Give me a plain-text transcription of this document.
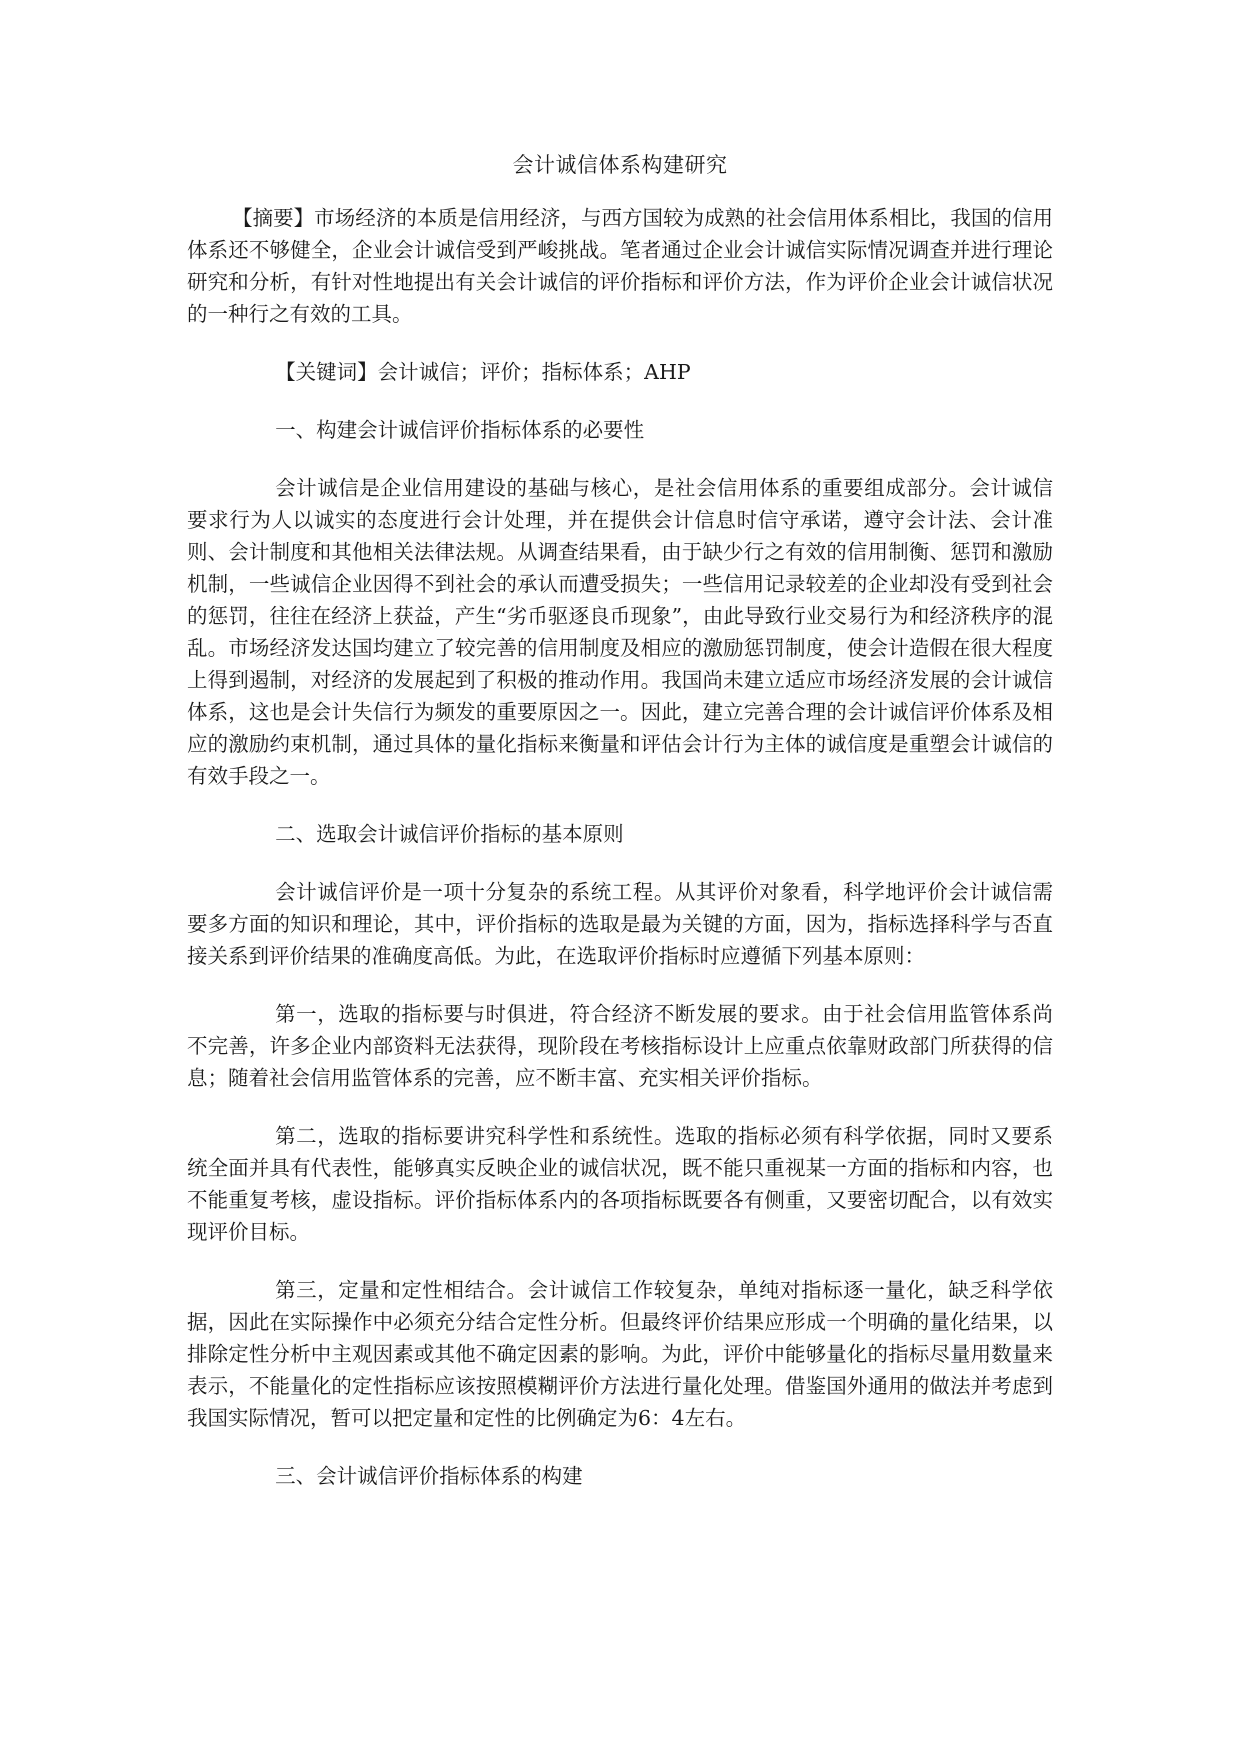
会计诚信体系构建研究

【摘要】市场经济的本质是信用经济，与西方国较为成熟的社会信用体系相比，我国的信用体系还不够健全，企业会计诚信受到严峻挑战。笔者通过企业会计诚信实际情况调查并进行理论研究和分析，有针对性地提出有关会计诚信的评价指标和评价方法，作为评价企业会计诚信状况的一种行之有效的工具。

【关键词】会计诚信；评价；指标体系；AHP

一、构建会计诚信评价指标体系的必要性

会计诚信是企业信用建设的基础与核心，是社会信用体系的重要组成部分。会计诚信要求行为人以诚实的态度进行会计处理，并在提供会计信息时信守承诺，遵守会计法、会计准则、会计制度和其他相关法律法规。从调查结果看，由于缺少行之有效的信用制衡、惩罚和激励机制，一些诚信企业因得不到社会的承认而遭受损失；一些信用记录较差的企业却没有受到社会的惩罚，往往在经济上获益，产生“劣币驱逐良币现象”，由此导致行业交易行为和经济秩序的混乱。市场经济发达国均建立了较完善的信用制度及相应的激励惩罚制度，使会计造假在很大程度上得到遏制，对经济的发展起到了积极的推动作用。我国尚未建立适应市场经济发展的会计诚信体系，这也是会计失信行为频发的重要原因之一。因此，建立完善合理的会计诚信评价体系及相应的激励约束机制，通过具体的量化指标来衡量和评估会计行为主体的诚信度是重塑会计诚信的有效手段之一。

二、选取会计诚信评价指标的基本原则

会计诚信评价是一项十分复杂的系统工程。从其评价对象看，科学地评价会计诚信需要多方面的知识和理论，其中，评价指标的选取是最为关键的方面，因为，指标选择科学与否直接关系到评价结果的准确度高低。为此，在选取评价指标时应遵循下列基本原则：

第一，选取的指标要与时俱进，符合经济不断发展的要求。由于社会信用监管体系尚不完善，许多企业内部资料无法获得，现阶段在考核指标设计上应重点依靠财政部门所获得的信息；随着社会信用监管体系的完善，应不断丰富、充实相关评价指标。

第二，选取的指标要讲究科学性和系统性。选取的指标必须有科学依据，同时又要系统全面并具有代表性，能够真实反映企业的诚信状况，既不能只重视某一方面的指标和内容，也不能重复考核，虚设指标。评价指标体系内的各项指标既要各有侧重，又要密切配合，以有效实现评价目标。

第三，定量和定性相结合。会计诚信工作较复杂，单纯对指标逐一量化，缺乏科学依据，因此在实际操作中必须充分结合定性分析。但最终评价结果应形成一个明确的量化结果，以排除定性分析中主观因素或其他不确定因素的影响。为此，评价中能够量化的指标尽量用数量来表示，不能量化的定性指标应该按照模糊评价方法进行量化处理。借鉴国外通用的做法并考虑到我国实际情况，暂可以把定量和定性的比例确定为6：4左右。

三、会计诚信评价指标体系的构建
